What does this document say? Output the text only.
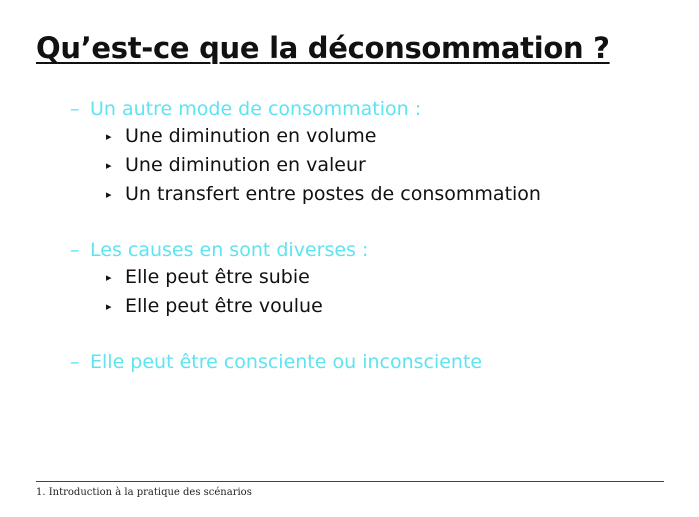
Qu’est-ce que la déconsommation ?
– Un autre mode de consommation :
▸ Une diminution en volume
▸ Une diminution en valeur
▸ Un transfert entre postes de consommation
– Les causes en sont diverses :
▸ Elle peut être subie
▸ Elle peut être voulue
– Elle peut être consciente ou inconsciente
1. Introduction à la pratique des scénarios
